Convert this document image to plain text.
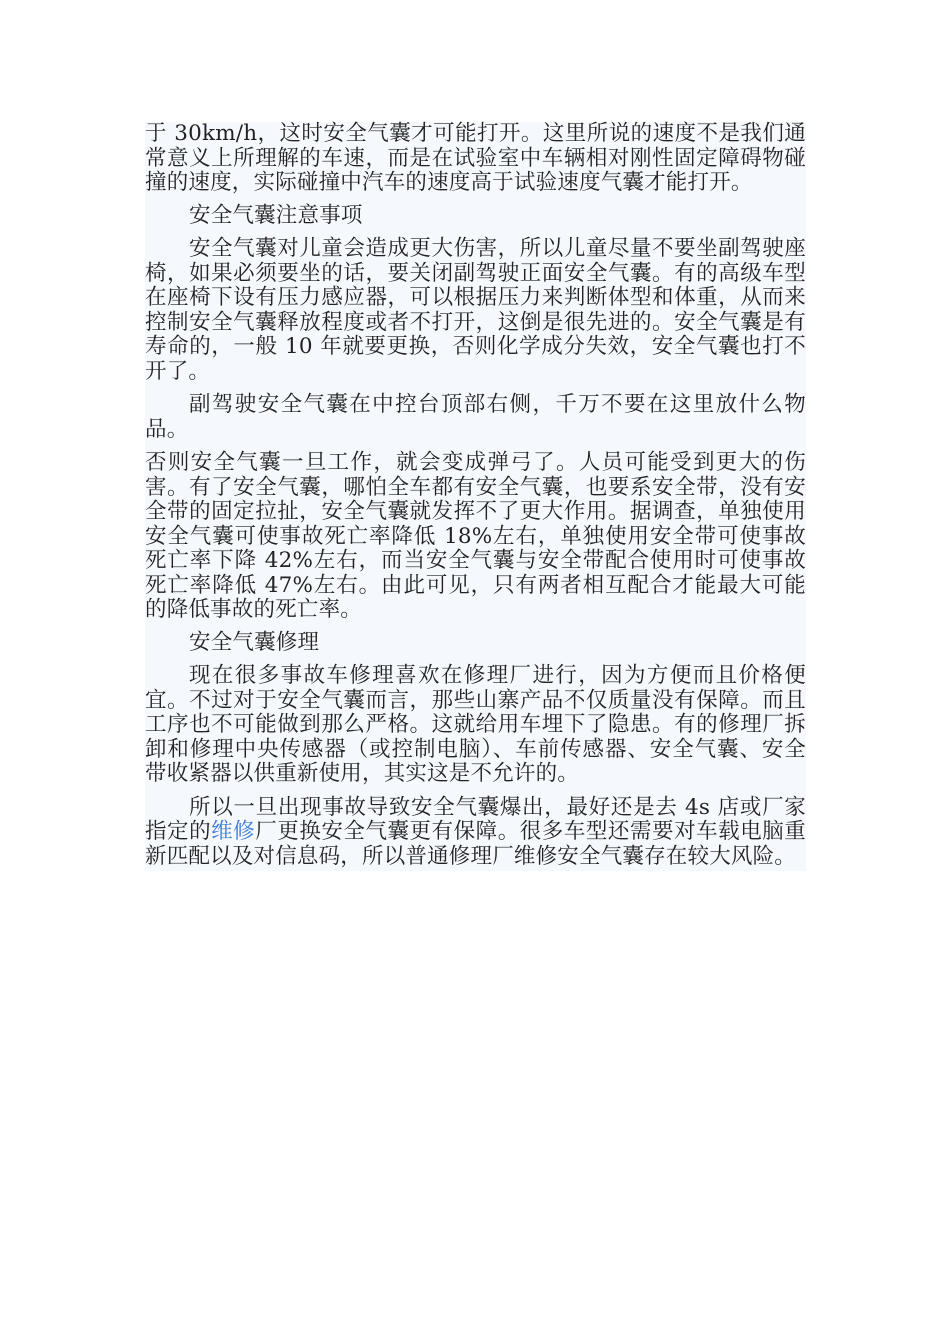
于 30km/h，这时安全气囊才可能打开。这里所说的速度不是我们通常意义上所理解的车速，而是在试验室中车辆相对刚性固定障碍物碰撞的速度，实际碰撞中汽车的速度高于试验速度气囊才能打开。

安全气囊注意事项

安全气囊对儿童会造成更大伤害，所以儿童尽量不要坐副驾驶座椅，如果必须要坐的话，要关闭副驾驶正面安全气囊。有的高级车型在座椅下设有压力感应器，可以根据压力来判断体型和体重，从而来控制安全气囊释放程度或者不打开，这倒是很先进的。安全气囊是有寿命的，一般 10 年就要更换，否则化学成分失效，安全气囊也打不开了。

副驾驶安全气囊在中控台顶部右侧，千万不要在这里放什么物品。

否则安全气囊一旦工作，就会变成弹弓了。人员可能受到更大的伤害。有了安全气囊，哪怕全车都有安全气囊，也要系安全带，没有安全带的固定拉扯，安全气囊就发挥不了更大作用。据调查，单独使用安全气囊可使事故死亡率降低 18%左右，单独使用安全带可使事故死亡率下降 42%左右，而当安全气囊与安全带配合使用时可使事故死亡率降低 47%左右。由此可见，只有两者相互配合才能最大可能的降低事故的死亡率。

安全气囊修理

现在很多事故车修理喜欢在修理厂进行，因为方便而且价格便宜。不过对于安全气囊而言，那些山寨产品不仅质量没有保障。而且工序也不可能做到那么严格。这就给用车埋下了隐患。有的修理厂拆卸和修理中央传感器（或控制电脑）、车前传感器、安全气囊、安全带收紧器以供重新使用，其实这是不允许的。

所以一旦出现事故导致安全气囊爆出，最好还是去 4s 店或厂家指定的维修厂更换安全气囊更有保障。很多车型还需要对车载电脑重新匹配以及对信息码，所以普通修理厂维修安全气囊存在较大风险。
